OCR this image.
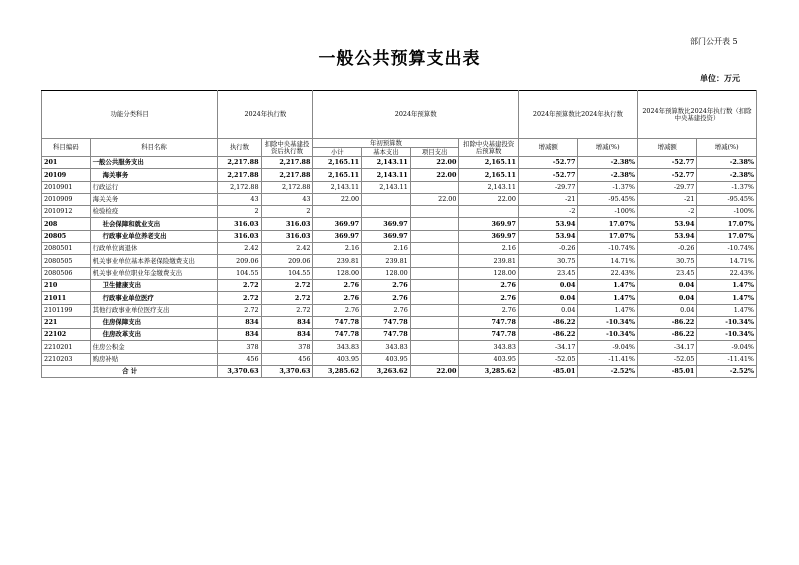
部门公开表 5
一般公共预算支出表
单位：万元
功能分类科目		2024年执行数		2024年预算数				2024年预算数比2024年执行数		2024年预算数比2024年执行数（扣除中央基建投资）	
科目编码	科目名称	执行数	扣除中央基建投资后执行数	年初预算数			扣除中央基建投资后预算数	增减额	增减(%)	增减额	增减(%)
				小计	基本支出	项目支出					
201	一般公共服务支出	2,217.88	2,217.88	2,165.11	2,143.11	22.00	2,165.11	-52.77	-2.38%	-52.77	-2.38%
20109	海关事务	2,217.88	2,217.88	2,165.11	2,143.11	22.00	2,165.11	-52.77	-2.38%	-52.77	-2.38%
2010901	行政运行	2,172.88	2,172.88	2,143.11	2,143.11		2,143.11	-29.77	-1.37%	-29.77	-1.37%
2010909	海关关务	43	43	22.00		22.00	22.00	-21	-95.45%	-21	-95.45%
2010912	检验检疫	2	2					-2	-100%	-2	-100%
208	社会保障和就业支出	316.03	316.03	369.97	369.97		369.97	53.94	17.07%	53.94	17.07%
20805	行政事业单位养老支出	316.03	316.03	369.97	369.97		369.97	53.94	17.07%	53.94	17.07%
2080501	行政单位离退休	2.42	2.42	2.16	2.16		2.16	-0.26	-10.74%	-0.26	-10.74%
2080505	机关事业单位基本养老保险缴费支出	209.06	209.06	239.81	239.81		239.81	30.75	14.71%	30.75	14.71%
2080506	机关事业单位职业年金缴费支出	104.55	104.55	128.00	128.00		128.00	23.45	22.43%	23.45	22.43%
210	卫生健康支出	2.72	2.72	2.76	2.76		2.76	0.04	1.47%	0.04	1.47%
21011	行政事业单位医疗	2.72	2.72	2.76	2.76		2.76	0.04	1.47%	0.04	1.47%
2101199	其他行政事业单位医疗支出	2.72	2.72	2.76	2.76		2.76	0.04	1.47%	0.04	1.47%
221	住房保障支出	834	834	747.78	747.78		747.78	-86.22	-10.34%	-86.22	-10.34%
22102	住房改革支出	834	834	747.78	747.78		747.78	-86.22	-10.34%	-86.22	-10.34%
2210201	住房公积金	378	378	343.83	343.83		343.83	-34.17	-9.04%	-34.17	-9.04%
2210203	购房补贴	456	456	403.95	403.95		403.95	-52.05	-11.41%	-52.05	-11.41%
合 计		3,370.63	3,370.63	3,285.62	3,263.62	22.00	3,285.62	-85.01	-2.52%	-85.01	-2.52%
